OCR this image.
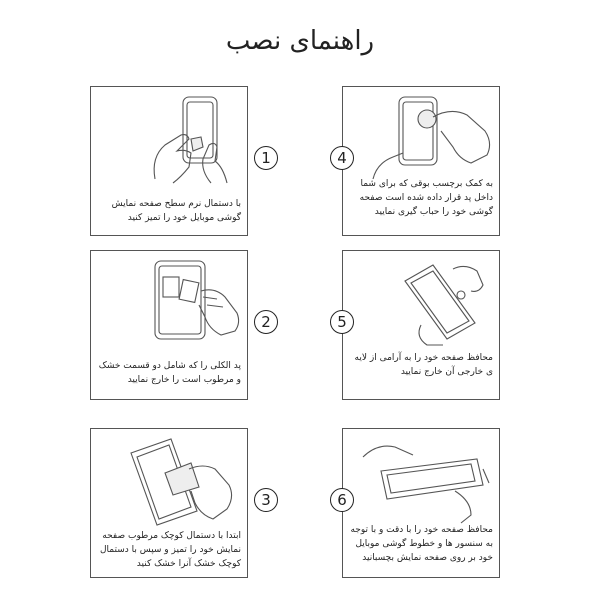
راهنمای نصب
با دستمال نرم سطح صفحه نمایش گوشی موبایل خود را تمیز کنید
1
پد الکلی را که شامل دو قسمت خشک و مرطوب است را خارج نمایید
2
ابتدا با دستمال کوچک مرطوب صفحه نمایش خود را تمیز و سپس با دستمال کوچک خشک آنرا خشک کنید
3
به کمک برچسب بوقی که برای شما داخل پد قرار داده شده است صفحه گوشی خود را حباب گیری نمایید
4
محافظ صفحه خود را به آرامی از لایه ی خارجی آن خارج نمایید
5
محافظ صفحه خود را با دقت و با توجه به سنسور ها و خطوط گوشی موبایل خود بر روی صفحه نمایش بچسبانید
6
